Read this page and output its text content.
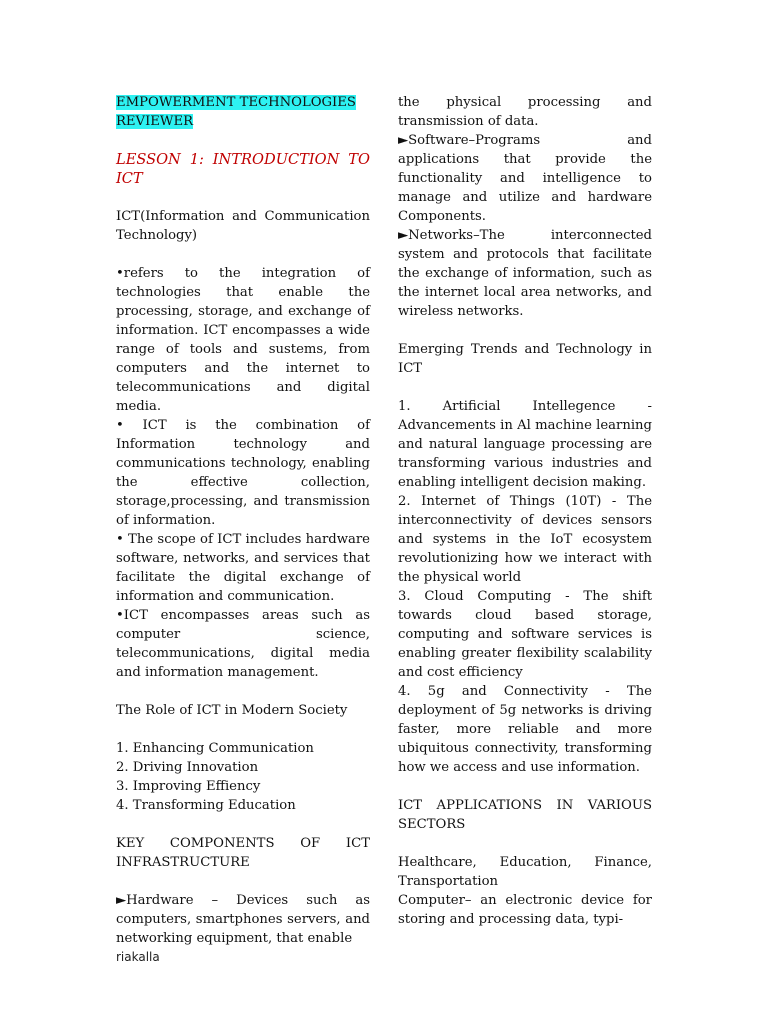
EMPOWERMENT TECHNOLOGIES
REVIEWER

LESSON 1: INTRODUCTION TO ICT

ICT(Information and Communication Technology)

•refers to the integration of technologies that enable the processing, storage, and exchange of information. ICT encompasses a wide range of tools and sustems, from computers and the internet to telecommunications and digital media.

• ICT is the combination of Information technology and communications technology, enabling the effective collection, storage,processing, and transmission of information.

• The scope of ICT includes hardware software, networks, and services that facilitate the digital exchange of information and communication.

•ICT encompasses areas such as computer science, telecommunications, digital media and information management.

The Role of ICT in Modern Society

1. Enhancing Communication

2. Driving Innovation

3. Improving Effiency

4. Transforming Education

KEY COMPONENTS OF ICT INFRASTRUCTURE

►Hardware – Devices such as computers, smartphones servers, and networking equipment, that enable

the physical processing and transmission of data.

►Software–Programs and applications that provide the functionality and intelligence to manage and utilize and hardware Components.

►Networks–The interconnected system and protocols that facilitate the exchange of information, such as the internet local area networks, and wireless networks.

Emerging Trends and Technology in ICT

1. Artificial Intellegence - Advancements in Al machine learning and natural language processing are transforming various industries and enabling intelligent decision making.

2. Internet of Things (10T) - The interconnectivity of devices sensors and systems in the IoT ecosystem revolutionizing how we interact with the physical world

3. Cloud Computing - The shift towards cloud based storage, computing and software services is enabling greater flexibility scalability and cost efficiency

4. 5g and Connectivity - The deployment of 5g networks is driving faster, more reliable and more ubiquitous connectivity, transforming how we access and use information.

ICT APPLICATIONS IN VARIOUS SECTORS

Healthcare, Education, Finance, Transportation

Computer– an electronic device for storing and processing data, typi-

riakalla
